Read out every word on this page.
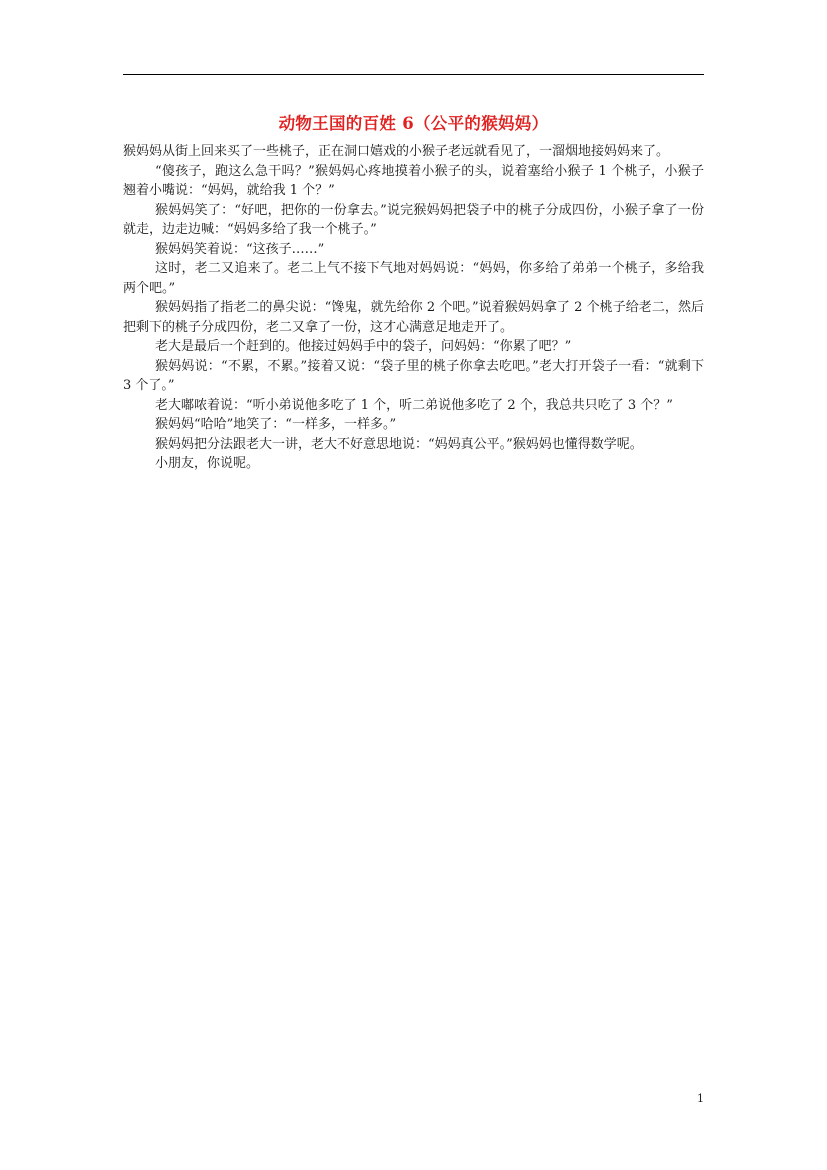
动物王国的百姓 6（公平的猴妈妈）

猴妈妈从街上回来买了一些桃子，正在洞口嬉戏的小猴子老远就看见了，一溜烟地接妈妈来了。

“傻孩子，跑这么急干吗？”猴妈妈心疼地摸着小猴子的头，说着塞给小猴子 1 个桃子，小猴子翘着小嘴说：“妈妈，就给我 1 个？”

猴妈妈笑了：“好吧，把你的一份拿去。”说完猴妈妈把袋子中的桃子分成四份，小猴子拿了一份就走，边走边喊：“妈妈多给了我一个桃子。”

猴妈妈笑着说：“这孩子……”

这时，老二又追来了。老二上气不接下气地对妈妈说：“妈妈，你多给了弟弟一个桃子，多给我两个吧。”

猴妈妈指了指老二的鼻尖说：“馋鬼，就先给你 2 个吧。”说着猴妈妈拿了 2 个桃子给老二，然后把剩下的桃子分成四份，老二又拿了一份，这才心满意足地走开了。

老大是最后一个赶到的。他接过妈妈手中的袋子，问妈妈：“你累了吧？”

猴妈妈说：“不累，不累。”接着又说：“袋子里的桃子你拿去吃吧。”老大打开袋子一看：“就剩下 3 个了。”

老大嘟哝着说：“听小弟说他多吃了 1 个，听二弟说他多吃了 2 个，我总共只吃了 3 个？”

猴妈妈“哈哈”地笑了：“一样多，一样多。”

猴妈妈把分法跟老大一讲，老大不好意思地说：“妈妈真公平。”猴妈妈也懂得数学呢。

小朋友，你说呢。

1
